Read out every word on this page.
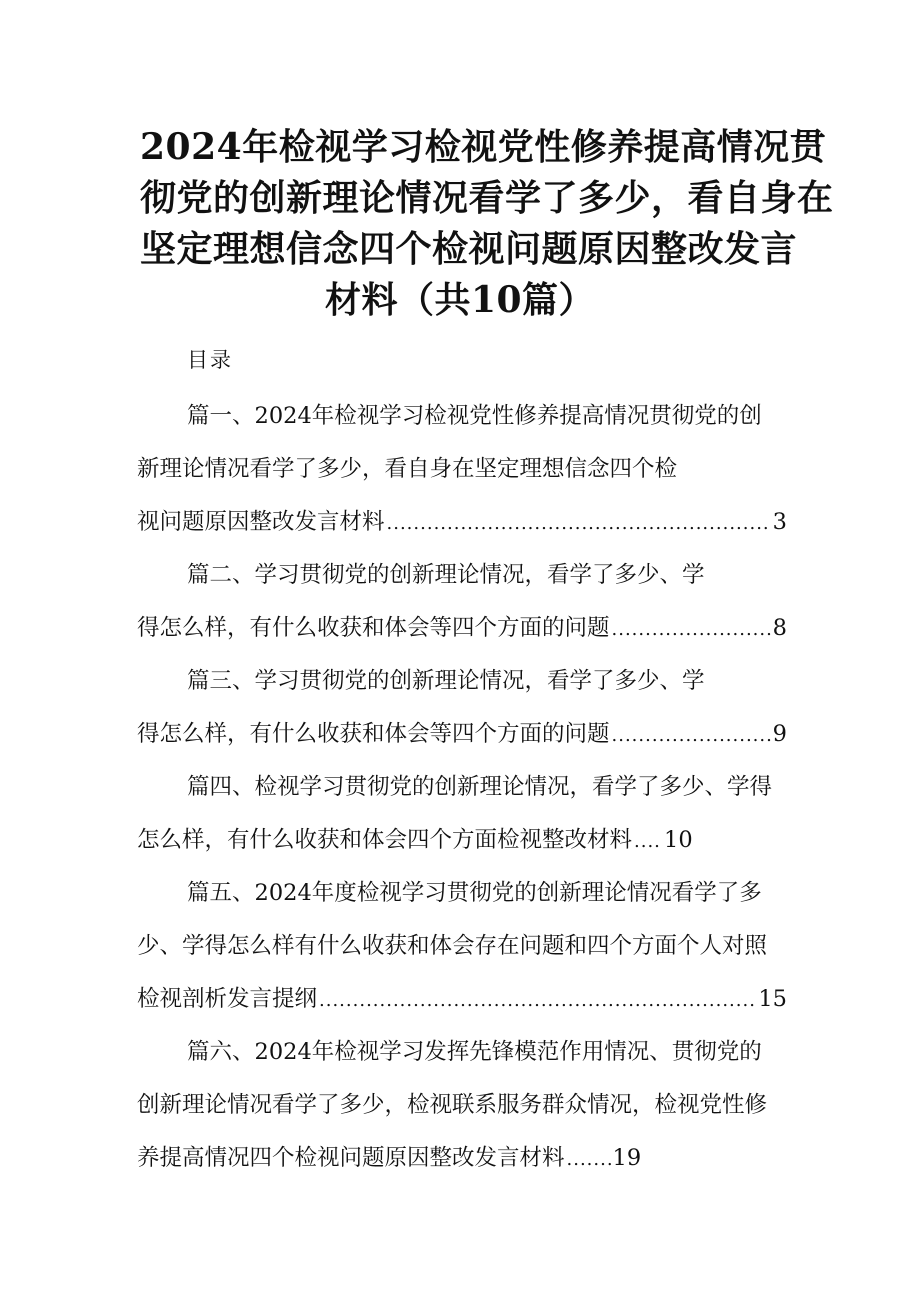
2024年检视学习检视党性修养提高情况贯
彻党的创新理论情况看学了多少，看自身在
坚定理想信念四个检视问题原因整改发言
材料（共10篇）
目录
篇一、2024年检视学习检视党性修养提高情况贯彻党的创
新理论情况看学了多少，看自身在坚定理想信念四个检
视问题原因整改发言材料 .....	3
篇二、学习贯彻党的创新理论情况，看学了多少、学
得怎么样，有什么收获和体会等四个方面的问题 .....	8
篇三、学习贯彻党的创新理论情况，看学了多少、学
得怎么样，有什么收获和体会等四个方面的问题 .....	9
篇四、检视学习贯彻党的创新理论情况，看学了多少、学得
怎么样，有什么收获和体会四个方面检视整改材料 ..... 10
篇五、2024年度检视学习贯彻党的创新理论情况看学了多
少、学得怎么样有什么收获和体会存在问题和四个方面个人对照
检视剖析发言提纲 .....	15
篇六、2024年检视学习发挥先锋模范作用情况、贯彻党的
创新理论情况看学了多少，检视联系服务群众情况，检视党性修
养提高情况四个检视问题原因整改发言材料 ..... 19
